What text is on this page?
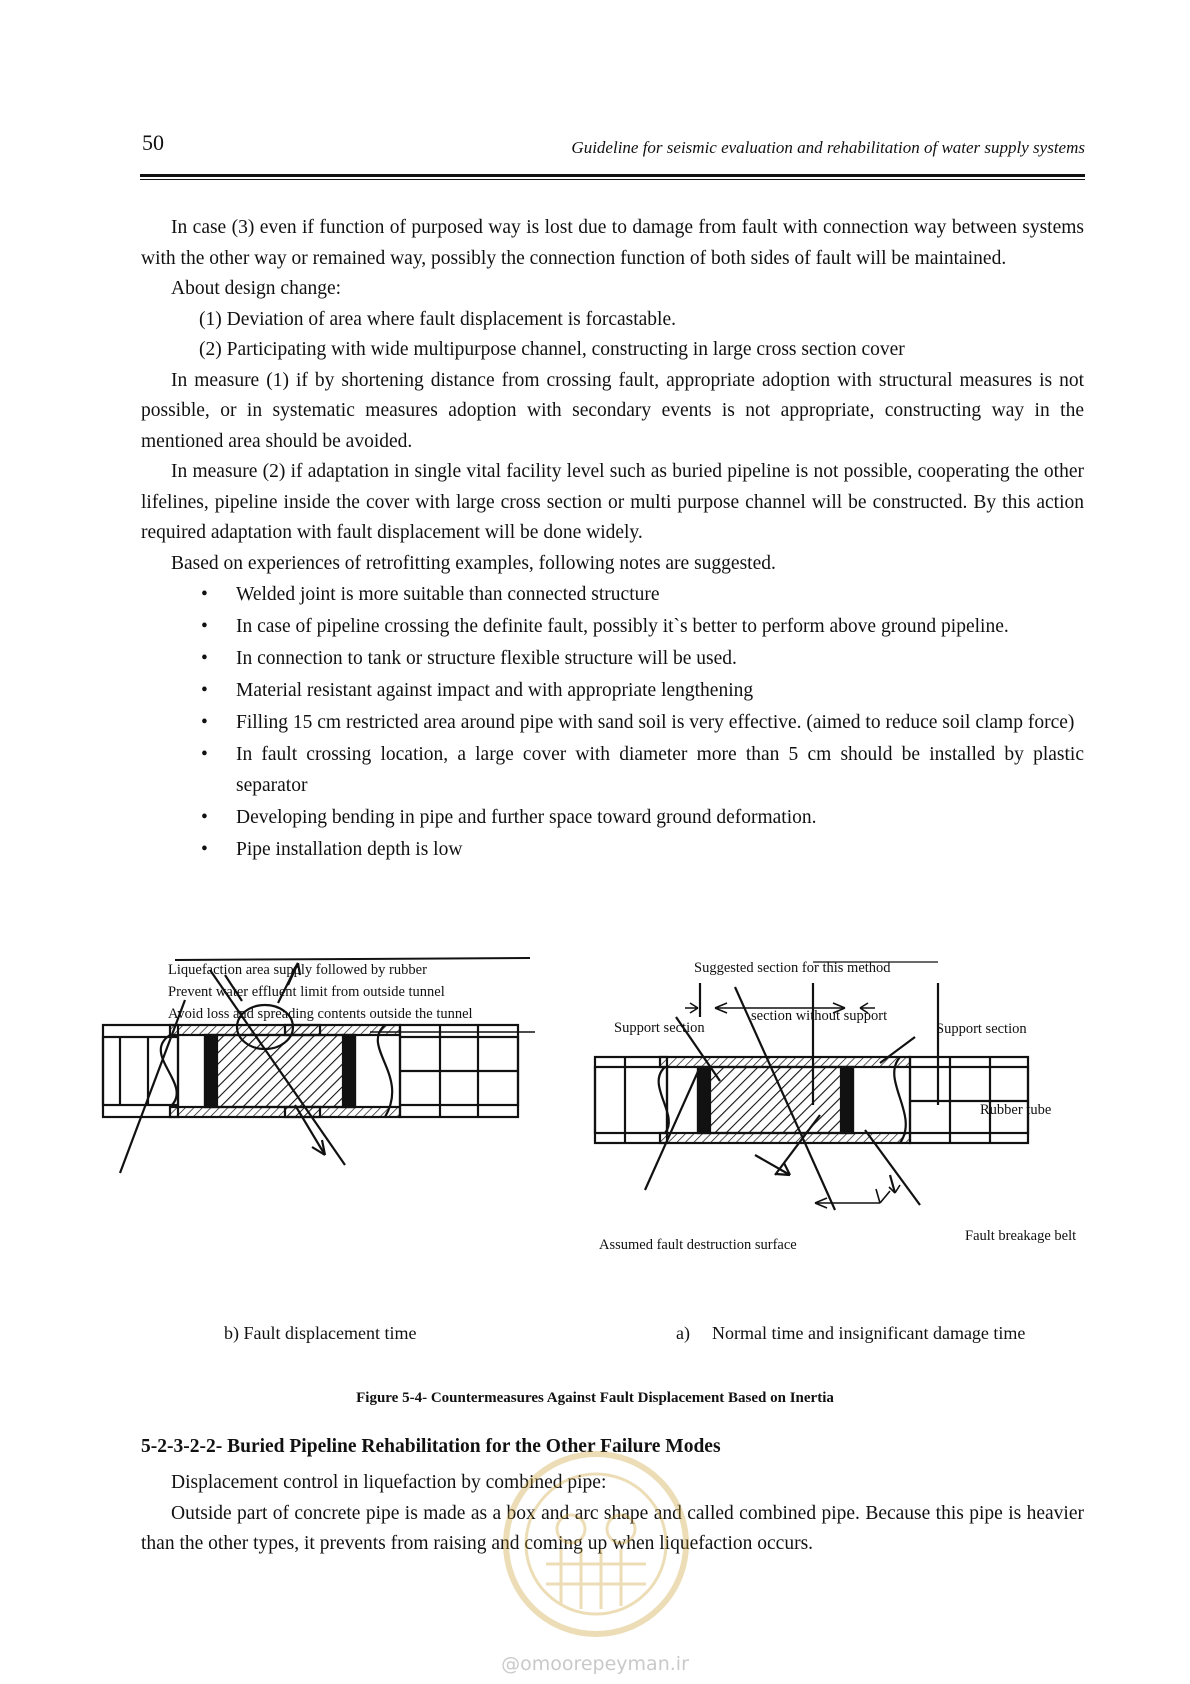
50	Guideline for seismic evaluation and rehabilitation of water supply systems

In case (3) even if function of purposed way is lost due to damage from fault with connection way between systems with the other way or remained way, possibly the connection function of both sides of fault will be maintained.

About design change:

(1) Deviation of area where fault displacement is forcastable.

(2) Participating with wide multipurpose channel, constructing in large cross section cover

In measure (1) if by shortening distance from crossing fault, appropriate adoption with structural measures is not possible, or in systematic measures adoption with secondary events is not appropriate, constructing way in the mentioned area should be avoided.

In measure (2) if adaptation in single vital facility level such as buried pipeline is not possible, cooperating the other lifelines, pipeline inside the cover with large cross section or multi purpose channel will be constructed. By this action required adaptation with fault displacement will be done widely.

Based on experiences of retrofitting examples, following notes are suggested.

• Welded joint is more suitable than connected structure
• In case of pipeline crossing the definite fault, possibly it`s better to perform above ground pipeline.
• In connection to tank or structure flexible structure will be used.
• Material resistant against impact and with appropriate lengthening
• Filling 15 cm restricted area around pipe with sand soil is very effective. (aimed to reduce soil clamp force)
• In fault crossing location, a large cover with diameter more than 5 cm should be installed by plastic separator
• Developing bending in pipe and further space toward ground deformation.
• Pipe installation depth is low
Liquefaction area supply followed by rubber
Prevent water effluent limit from outside tunnel
Avoid loss and spreading contents outside the tunnel
Suggested section for this method
section without support
Support section	Support section
Rubber tube
Assumed fault destruction surface
Fault breakage belt
b) Fault displacement time	a) Normal time and insignificant damage time
Figure 5-4- Countermeasures Against Fault Displacement Based on Inertia
5-2-3-2-2- Buried Pipeline Rehabilitation for the Other Failure Modes

Displacement control in liquefaction by combined pipe:

Outside part of concrete pipe is made as a box and arc shape and called combined pipe. Because this pipe is heavier than the other types, it prevents from raising and coming up when liquefaction occurs.

@omoorepeyman.ir
